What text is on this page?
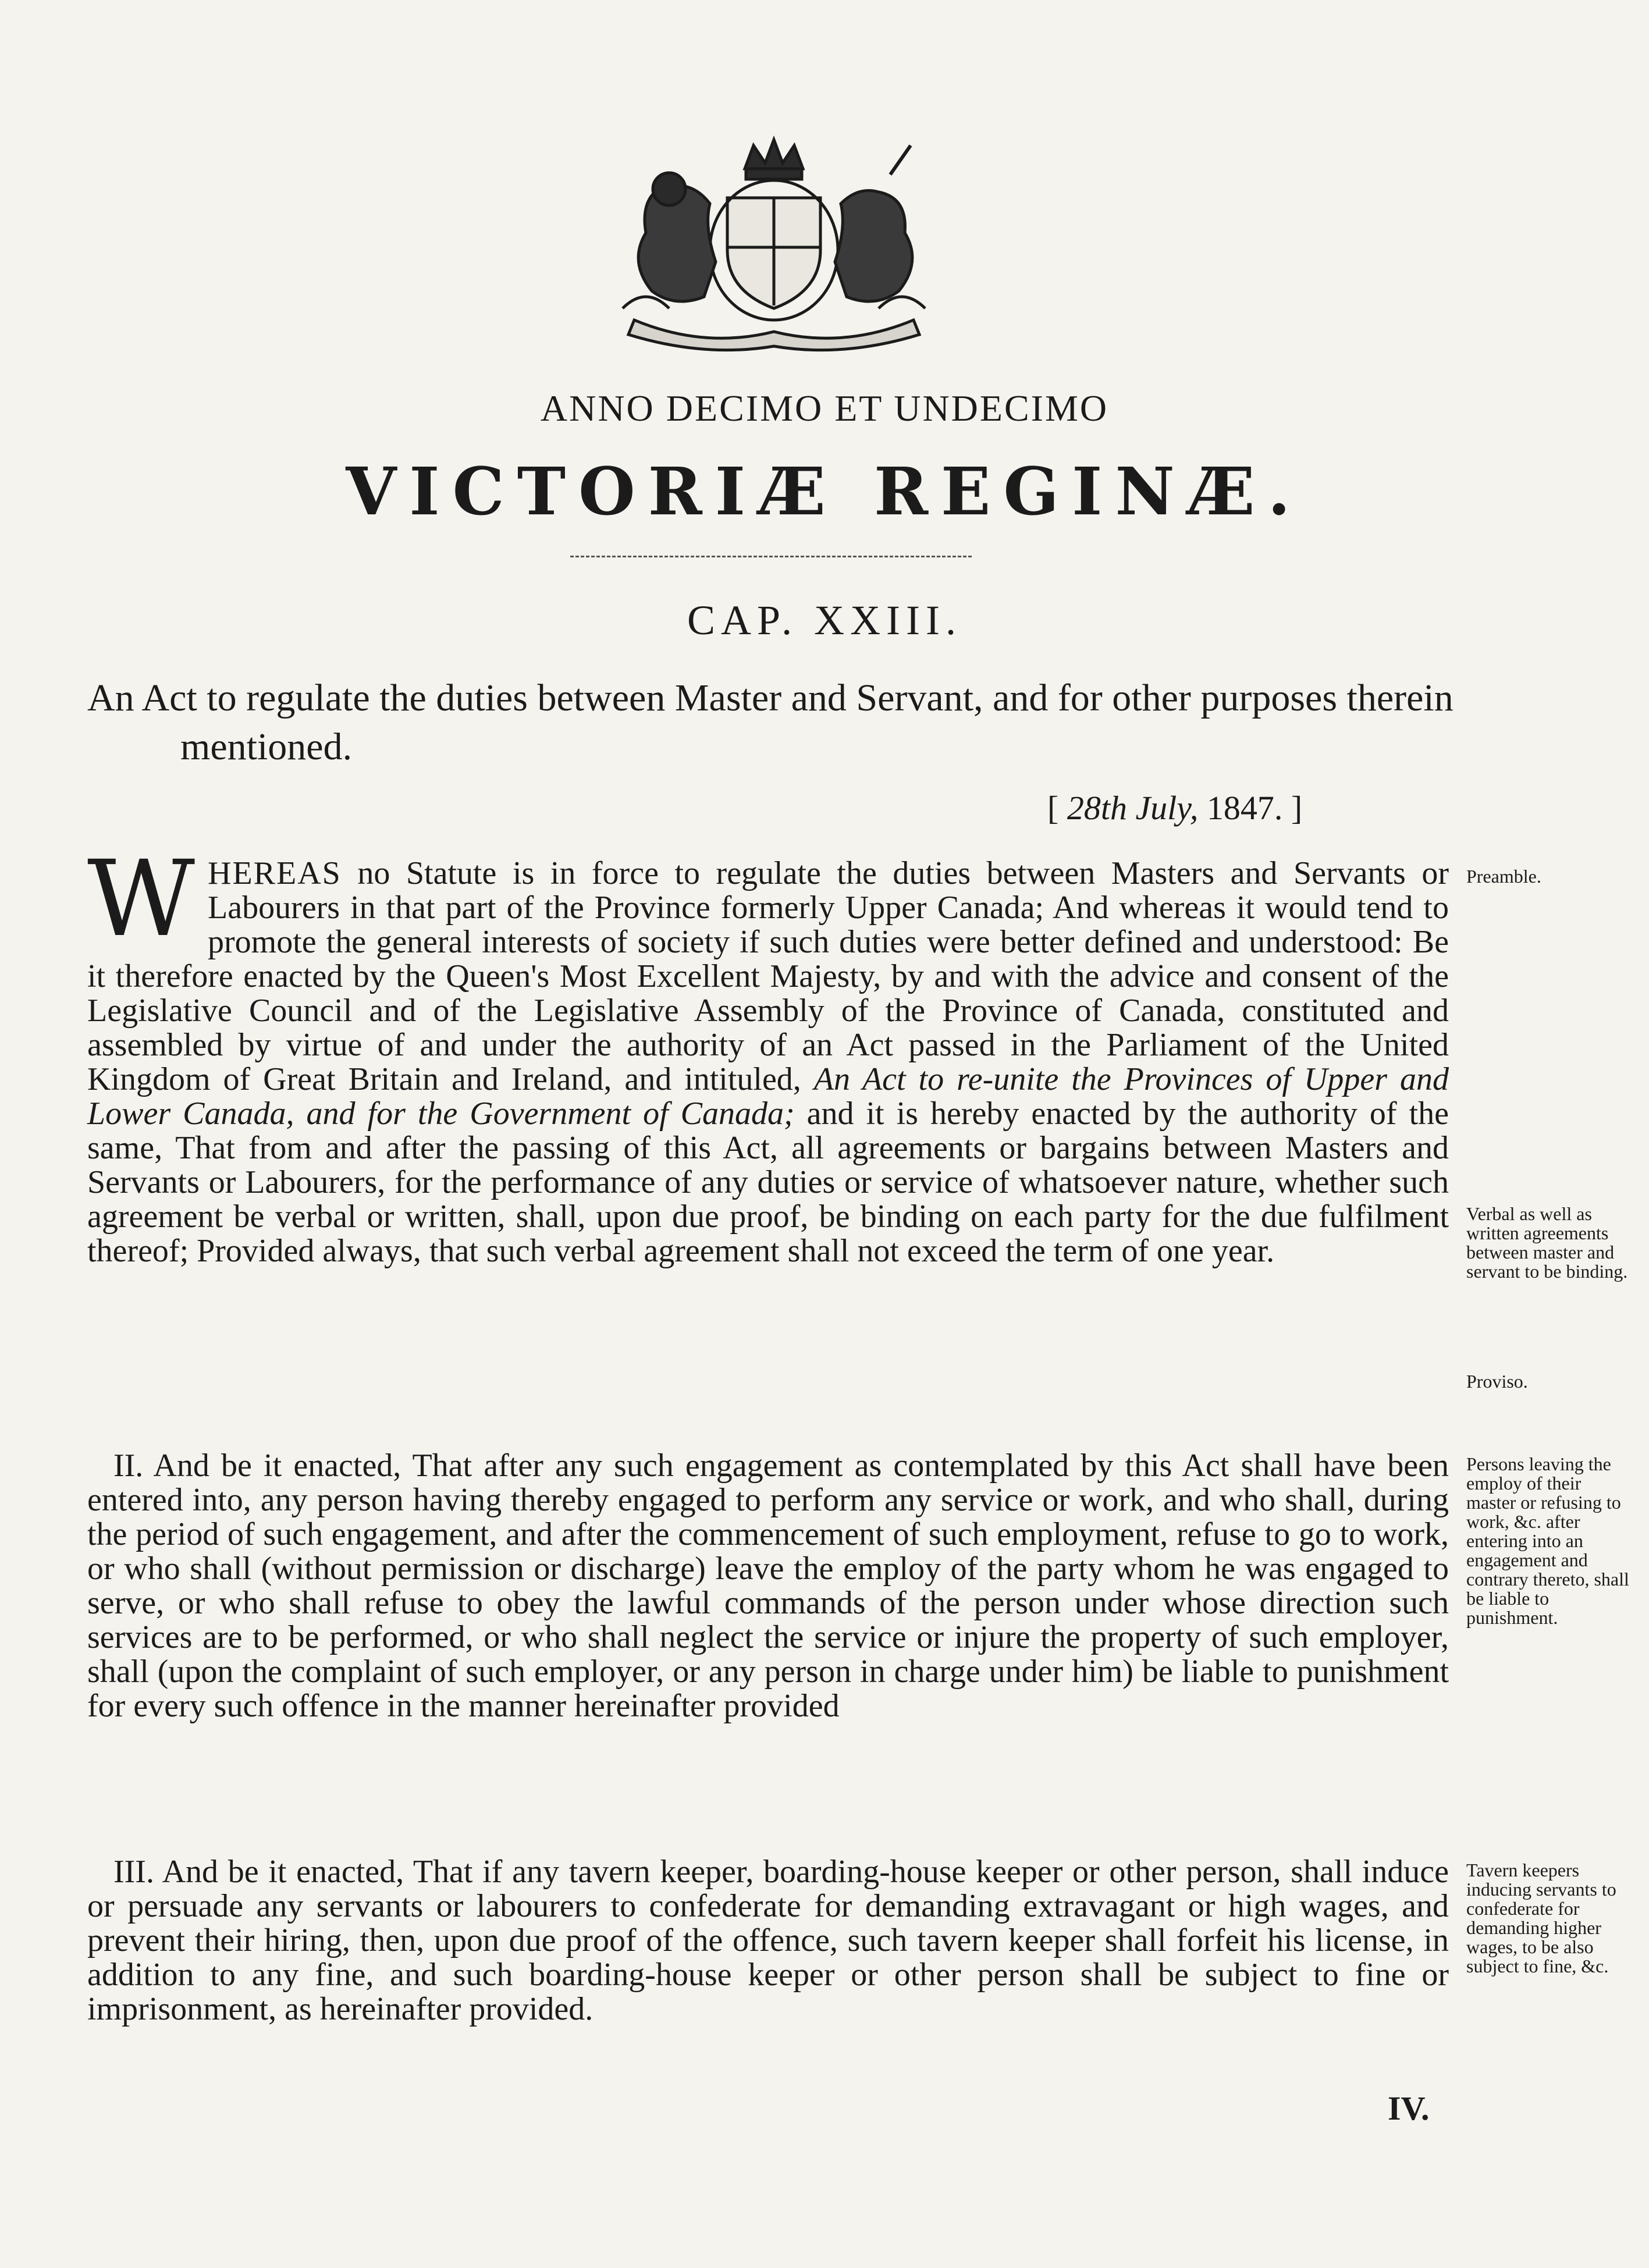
ANNO DECIMO ET UNDECIMO
VICTORIÆ REGINÆ.
CAP. XXIII.
An Act to regulate the duties between Master and Servant, and for other purposes therein mentioned.
[ 28th July, 1847. ]
WHEREAS no Statute is in force to regulate the duties between Masters and Servants or Labourers in that part of the Province formerly Upper Canada; And whereas it would tend to promote the general interests of society if such duties were better defined and understood: Be it therefore enacted by the Queen's Most Excellent Majesty, by and with the advice and consent of the Legislative Council and of the Legislative Assembly of the Province of Canada, constituted and assembled by virtue of and under the authority of an Act passed in the Parliament of the United Kingdom of Great Britain and Ireland, and intituled, An Act to re-unite the Provinces of Upper and Lower Canada, and for the Government of Canada; and it is hereby enacted by the authority of the same, That from and after the passing of this Act, all agreements or bargains between Masters and Servants or Labourers, for the performance of any duties or service of whatsoever nature, whether such agreement be verbal or written, shall, upon due proof, be binding on each party for the due fulfilment thereof; Provided always, that such verbal agreement shall not exceed the term of one year.

II. And be it enacted, That after any such engagement as contemplated by this Act shall have been entered into, any person having thereby engaged to perform any service or work, and who shall, during the period of such engagement, and after the commencement of such employment, refuse to go to work, or who shall (without permission or discharge) leave the employ of the party whom he was engaged to serve, or who shall refuse to obey the lawful commands of the person under whose direction such services are to be performed, or who shall neglect the service or injure the property of such employer, shall (upon the complaint of such employer, or any person in charge under him) be liable to punishment for every such offence in the manner hereinafter provided

III. And be it enacted, That if any tavern keeper, boarding-house keeper or other person, shall induce or persuade any servants or labourers to confederate for demanding extravagant or high wages, and prevent their hiring, then, upon due proof of the offence, such tavern keeper shall forfeit his license, in addition to any fine, and such boarding-house keeper or other person shall be subject to fine or imprisonment, as hereinafter provided.

Preamble.
Verbal as well as written agreements between master and servant to be binding.
Proviso.
Persons leaving the employ of their master or refusing to work, &c. after entering into an engagement and contrary thereto, shall be liable to punishment.
Tavern keepers inducing servants to confederate for demanding higher wages, to be also subject to fine, &c.
IV.
